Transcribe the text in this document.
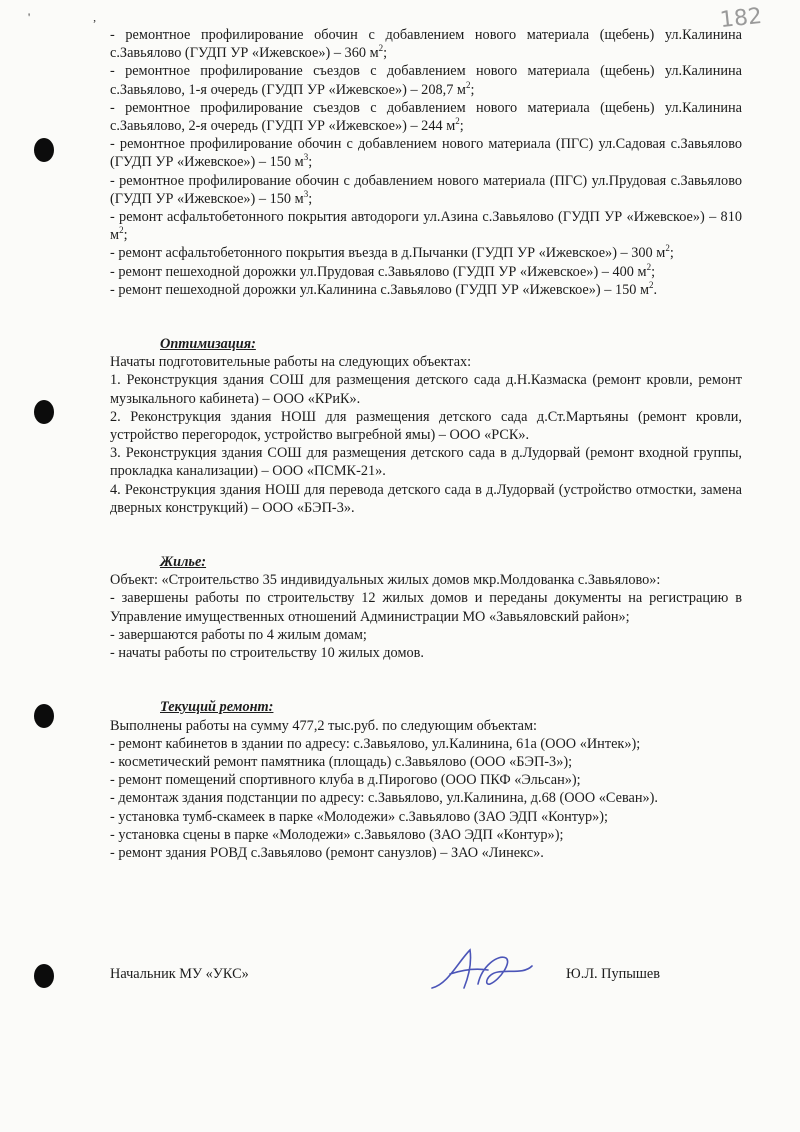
182
' ,
- ремонтное профилирование обочин с добавлением нового материала (щебень) ул.Калинина с.Завьялово (ГУДП УР «Ижевское») – 360 $м^2$;
- ремонтное профилирование съездов с добавлением нового материала (щебень) ул.Калинина с.Завьялово, 1-я очередь (ГУДП УР «Ижевское») – 208,7 $м^2$;
- ремонтное профилирование съездов с добавлением нового материала (щебень) ул.Калинина с.Завьялово, 2-я очередь (ГУДП УР «Ижевское») – 244 $м^2$;
- ремонтное профилирование обочин с добавлением нового материала (ПГС) ул.Садовая с.Завьялово (ГУДП УР «Ижевское») – 150 $м^3$;
- ремонтное профилирование обочин с добавлением нового материала (ПГС) ул.Прудовая с.Завьялово (ГУДП УР «Ижевское») – 150 $м^3$;
- ремонт асфальтобетонного покрытия автодороги ул.Азина с.Завьялово (ГУДП УР «Ижевское») – 810 $м^2$;
- ремонт асфальтобетонного покрытия въезда в д.Пычанки (ГУДП УР «Ижевское») – 300 $м^2$;
- ремонт пешеходной дорожки ул.Прудовая с.Завьялово (ГУДП УР «Ижевское») – 400 $м^2$;
- ремонт пешеходной дорожки ул.Калинина с.Завьялово (ГУДП УР «Ижевское») – 150 $м^2$.
Оптимизация:
Начаты подготовительные работы на следующих объектах:
1. Реконструкция здания СОШ для размещения детского сада д.Н.Казмаска (ремонт кровли, ремонт музыкального кабинета) – ООО «КРиК».
2. Реконструкция здания НОШ для размещения детского сада д.Ст.Мартьяны (ремонт кровли, устройство перегородок, устройство выгребной ямы) – ООО «РСК».
3. Реконструкция здания СОШ для размещения детского сада в д.Лудорвай (ремонт входной группы, прокладка канализации) – ООО «ПСМК-21».
4. Реконструкция здания НОШ для перевода детского сада в д.Лудорвай (устройство отмостки, замена дверных конструкций) – ООО «БЭП-3».
Жилье:
Объект: «Строительство 35 индивидуальных жилых домов мкр.Молдованка с.Завьялово»:
- завершены работы по строительству 12 жилых домов и переданы документы на регистрацию в Управление имущественных отношений Администрации МО «Завьяловский район»;
- завершаются работы по 4 жилым домам;
- начаты работы по строительству 10 жилых домов.
Текущий ремонт:
Выполнены работы на сумму 477,2 тыс.руб. по следующим объектам:
- ремонт кабинетов в здании по адресу: с.Завьялово, ул.Калинина, 61а (ООО «Интек»);
- косметический ремонт памятника (площадь) с.Завьялово (ООО «БЭП-3»);
- ремонт помещений спортивного клуба в д.Пирогово (ООО ПКФ «Эльсан»);
- демонтаж здания подстанции по адресу: с.Завьялово, ул.Калинина, д.68 (ООО «Севан»).
- установка тумб-скамеек в парке «Молодежи» с.Завьялово (ЗАО ЭДП «Контур»);
- установка сцены в парке «Молодежи» с.Завьялово (ЗАО ЭДП «Контур»);
- ремонт здания РОВД с.Завьялово (ремонт санузлов) – ЗАО «Линекс».
Начальник МУ «УКС»	Ю.Л. Пупышев
